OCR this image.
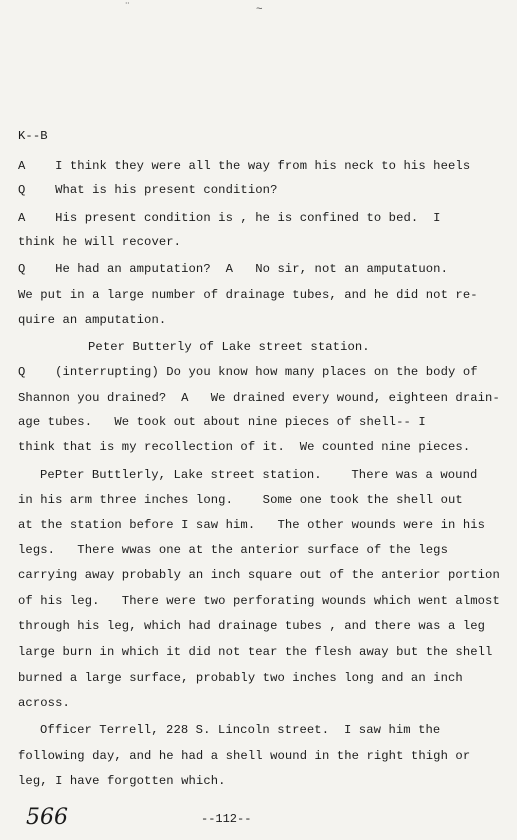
¨	~
K--B
A    I think they were all the way from his neck to his heels
Q    What is his present condition?
A    His present condition is , he is confined to bed.  I
think he will recover.
Q    He had an amputation?  A   No sir, not an amputatuon.
We put in a large number of drainage tubes, and he did not re-
quire an amputation.
Peter Butterly of Lake street station.
Q    (interrupting) Do you know how many places on the body of
Shannon you drained?  A   We drained every wound, eighteen drain-
age tubes.   We took out about nine pieces of shell-- I
think that is my recollection of it.  We counted nine pieces.
PePter Buttlerly, Lake street station.    There was a wound
in his arm three inches long.    Some one took the shell out
at the station before I saw him.   The other wounds were in his
legs.   There wwas one at the anterior surface of the legs
carrying away probably an inch square out of the anterior portion
of his leg.   There were two perforating wounds which went almost
through his leg, which had drainage tubes , and there was a leg
large burn in which it did not tear the flesh away but the shell
burned a large surface, probably two inches long and an inch
across.
Officer Terrell, 228 S. Lincoln street.  I saw him the
following day, and he had a shell wound in the right thigh or
leg, I have forgotten which.
566	--112--
